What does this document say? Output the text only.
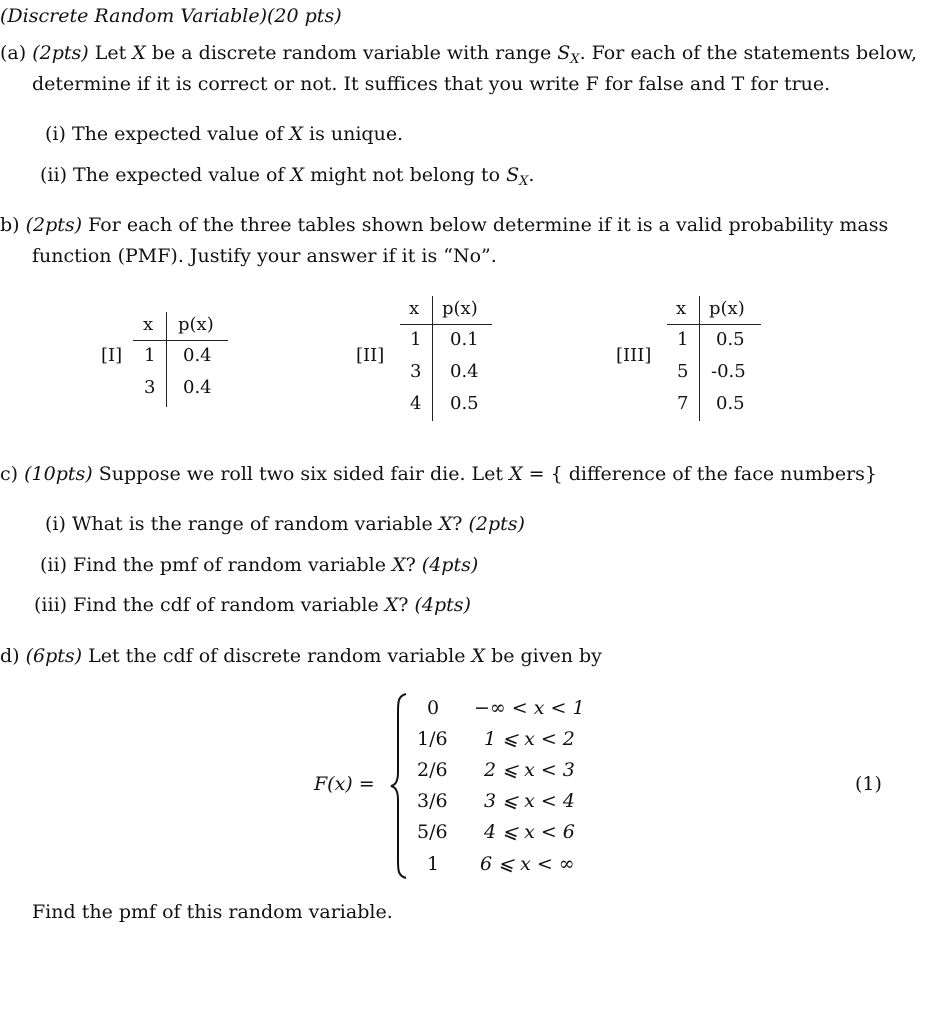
(Discrete Random Variable)(20 pts)
(a) (2pts) Let X be a discrete random variable with range $S_X$. For each of the statements below,
determine if it is correct or not. It suffices that you write F for false and T for true.
(i) The expected value of X is unique.
(ii) The expected value of X might not belong to $S_X$.
b) (2pts) For each of the three tables shown below determine if it is a valid probability mass
function (PMF). Justify your answer if it is “No”.
[I]
x p(x)
1 0.4
3 0.4
[II]
x p(x)
1 0.1
3 0.4
4 0.5
[III]
x p(x)
1 0.5
5 -0.5
7 0.5
c) (10pts) Suppose we roll two six sided fair die. Let X = { difference of the face numbers}
(i) What is the range of random variable X? (2pts)
(ii) Find the pmf of random variable X? (4pts)
(iii) Find the cdf of random variable X? (4pts)
d) (6pts) Let the cdf of discrete random variable X be given by
F(x) =
0 −∞ < x < 1
1/6 1 ⩽ x < 2
2/6 2 ⩽ x < 3
3/6 3 ⩽ x < 4
5/6 4 ⩽ x < 6
1 6 ⩽ x < ∞
(1)
Find the pmf of this random variable.
